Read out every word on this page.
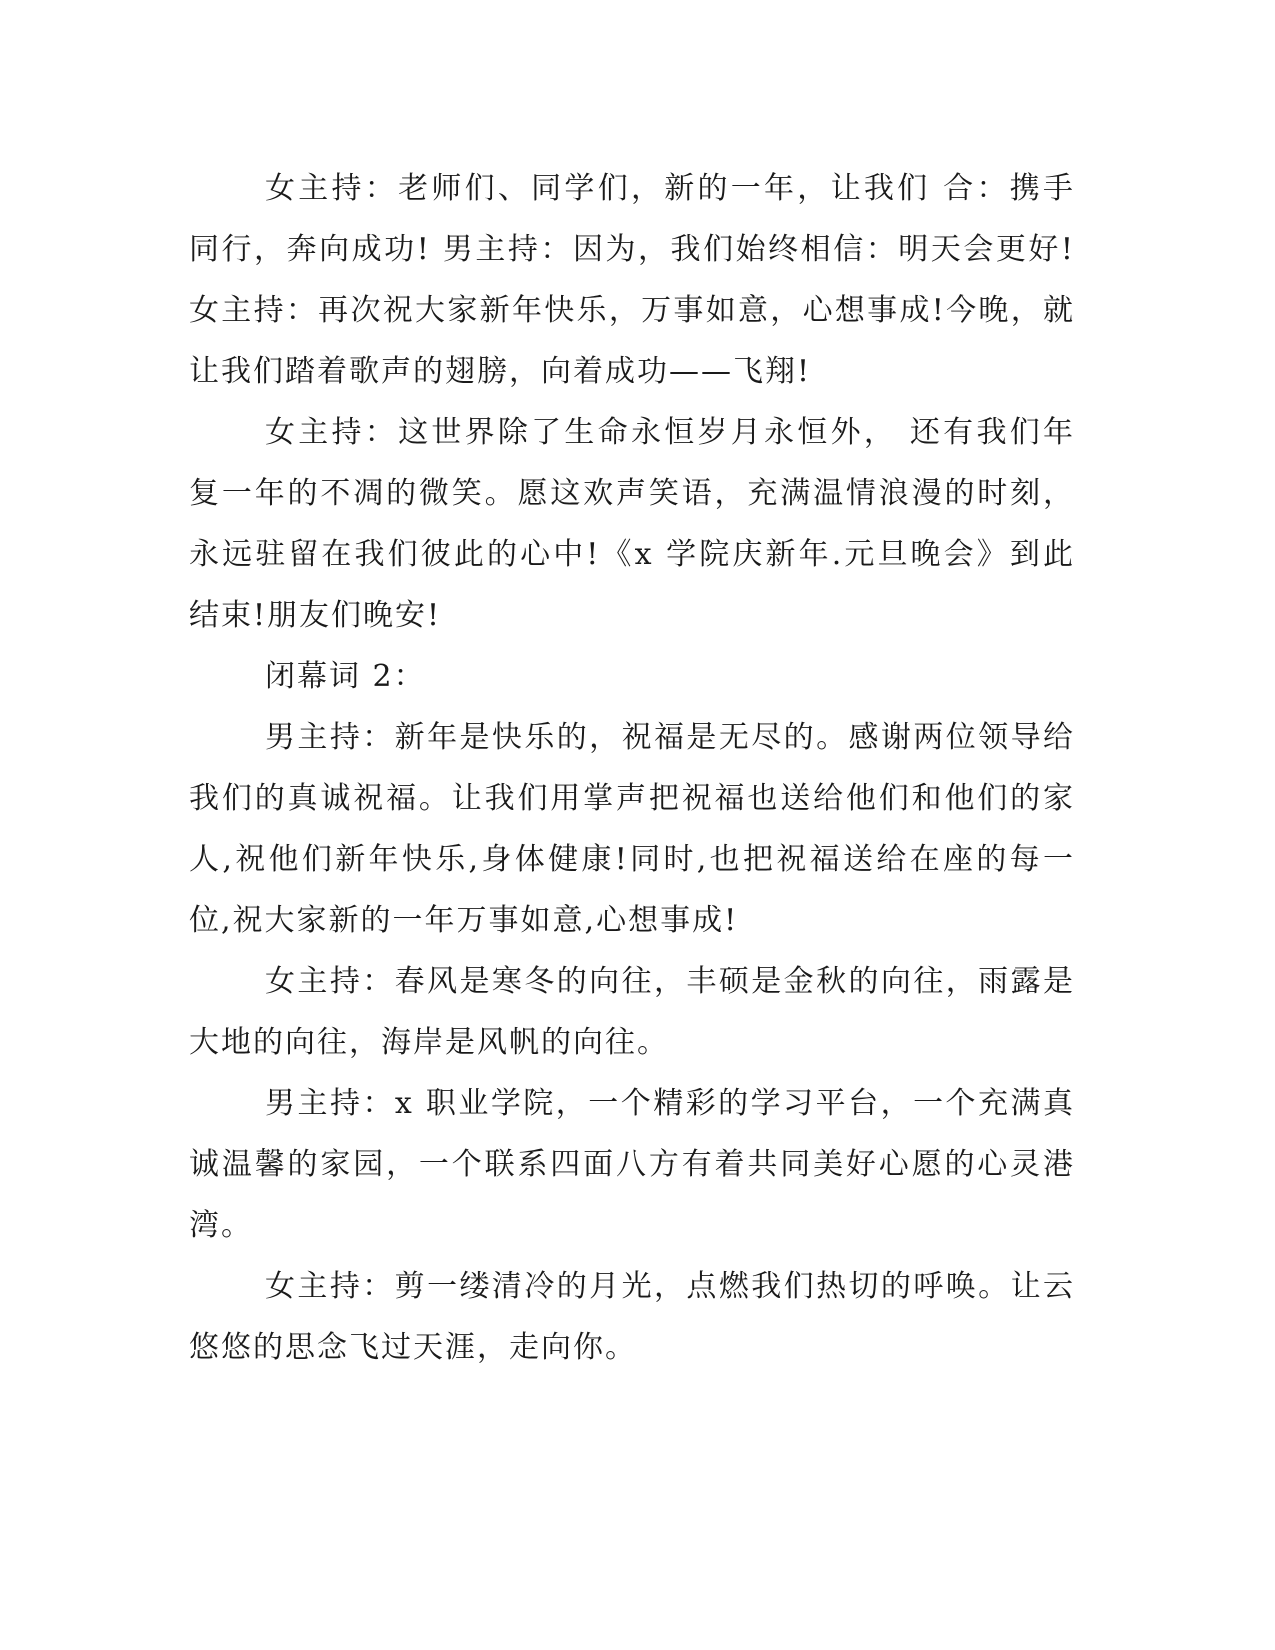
女主持：老师们、同学们，新的一年，让我们 合：携手同行，奔向成功! 男主持：因为，我们始终相信：明天会更好! 女主持：再次祝大家新年快乐，万事如意，心想事成!今晚，就让我们踏着歌声的翅膀，向着成功——飞翔!

女主持：这世界除了生命永恒岁月永恒外， 还有我们年复一年的不凋的微笑。愿这欢声笑语，充满温情浪漫的时刻，永远驻留在我们彼此的心中!《x 学院庆新年.元旦晚会》到此结束!朋友们晚安!

闭幕词 2：

男主持：新年是快乐的，祝福是无尽的。感谢两位领导给我们的真诚祝福。让我们用掌声把祝福也送给他们和他们的家人,祝他们新年快乐,身体健康!同时,也把祝福送给在座的每一位,祝大家新的一年万事如意,心想事成!

女主持：春风是寒冬的向往，丰硕是金秋的向往，雨露是大地的向往，海岸是风帆的向往。

男主持：x 职业学院，一个精彩的学习平台，一个充满真诚温馨的家园，一个联系四面八方有着共同美好心愿的心灵港湾。

女主持：剪一缕清冷的月光，点燃我们热切的呼唤。让云悠悠的思念飞过天涯，走向你。
